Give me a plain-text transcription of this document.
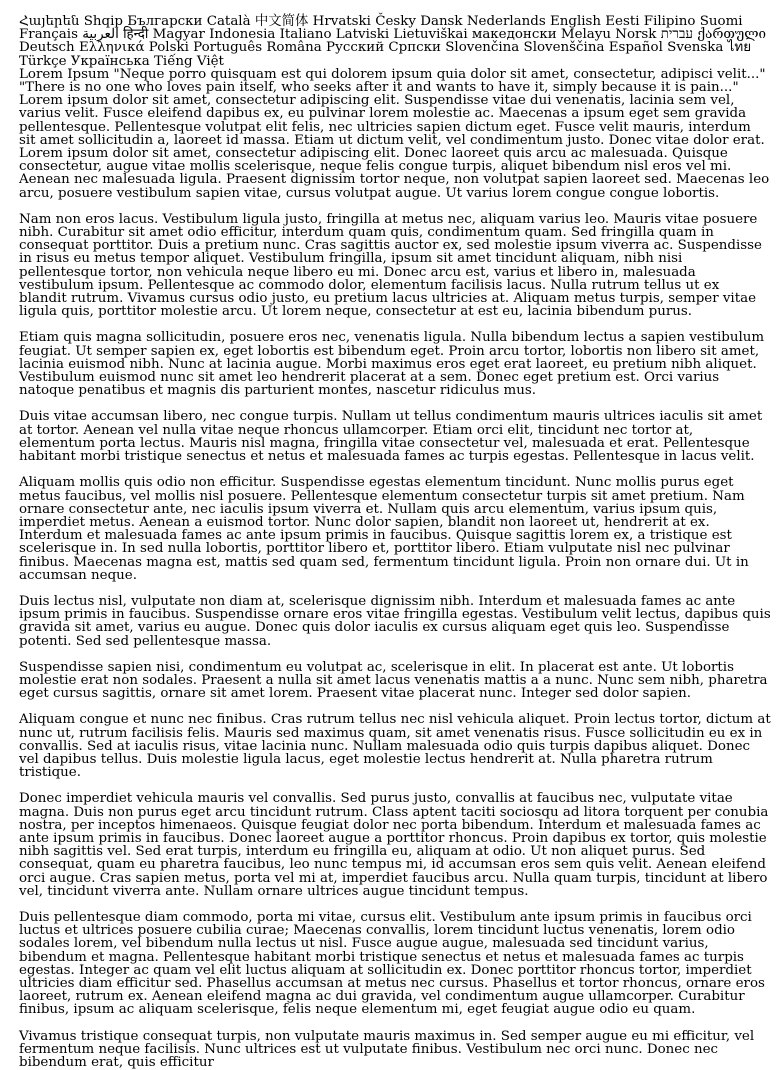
Հայերեն Shqip Български Català 中文简体 Hrvatski Česky Dansk Nederlands English Eesti Filipino Suomi Français العربية हिन्दी Magyar Indonesia Italiano Latviski Lietuviškai македонски Melayu Norsk עברית ქართული Deutsch Ελληνικά Polski Português Româna Русский Српски Slovenčina Slovenščina Español Svenska ไทย Türkçe Українська Tiếng Việt

Lorem Ipsum "Neque porro quisquam est qui dolorem ipsum quia dolor sit amet, consectetur, adipisci velit..." "There is no one who loves pain itself, who seeks after it and wants to have it, simply because it is pain..." Lorem ipsum dolor sit amet, consectetur adipiscing elit. Suspendisse vitae dui venenatis, lacinia sem vel, varius velit. Fusce eleifend dapibus ex, eu pulvinar lorem molestie ac. Maecenas a ipsum eget sem gravida pellentesque. Pellentesque volutpat elit felis, nec ultricies sapien dictum eget. Fusce velit mauris, interdum sit amet sollicitudin a, laoreet id massa. Etiam ut dictum velit, vel condimentum justo. Donec vitae dolor erat. Lorem ipsum dolor sit amet, consectetur adipiscing elit. Donec laoreet quis arcu ac malesuada. Quisque consectetur, augue vitae mollis scelerisque, neque felis congue turpis, aliquet bibendum nisl eros vel mi. Aenean nec malesuada ligula. Praesent dignissim tortor neque, non volutpat sapien laoreet sed. Maecenas leo arcu, posuere vestibulum sapien vitae, cursus volutpat augue. Ut varius lorem congue congue lobortis.

Nam non eros lacus. Vestibulum ligula justo, fringilla at metus nec, aliquam varius leo. Mauris vitae posuere nibh. Curabitur sit amet odio efficitur, interdum quam quis, condimentum quam. Sed fringilla quam in consequat porttitor. Duis a pretium nunc. Cras sagittis auctor ex, sed molestie ipsum viverra ac. Suspendisse in risus eu metus tempor aliquet. Vestibulum fringilla, ipsum sit amet tincidunt aliquam, nibh nisi pellentesque tortor, non vehicula neque libero eu mi. Donec arcu est, varius et libero in, malesuada vestibulum ipsum. Pellentesque ac commodo dolor, elementum facilisis lacus. Nulla rutrum tellus ut ex blandit rutrum. Vivamus cursus odio justo, eu pretium lacus ultricies at. Aliquam metus turpis, semper vitae ligula quis, porttitor molestie arcu. Ut lorem neque, consectetur at est eu, lacinia bibendum purus.

Etiam quis magna sollicitudin, posuere eros nec, venenatis ligula. Nulla bibendum lectus a sapien vestibulum feugiat. Ut semper sapien ex, eget lobortis est bibendum eget. Proin arcu tortor, lobortis non libero sit amet, lacinia euismod nibh. Nunc at lacinia augue. Morbi maximus eros eget erat laoreet, eu pretium nibh aliquet. Vestibulum euismod nunc sit amet leo hendrerit placerat at a sem. Donec eget pretium est. Orci varius natoque penatibus et magnis dis parturient montes, nascetur ridiculus mus.

Duis vitae accumsan libero, nec congue turpis. Nullam ut tellus condimentum mauris ultrices iaculis sit amet at tortor. Aenean vel nulla vitae neque rhoncus ullamcorper. Etiam orci elit, tincidunt nec tortor at, elementum porta lectus. Mauris nisl magna, fringilla vitae consectetur vel, malesuada et erat. Pellentesque habitant morbi tristique senectus et netus et malesuada fames ac turpis egestas. Pellentesque in lacus velit.

Aliquam mollis quis odio non efficitur. Suspendisse egestas elementum tincidunt. Nunc mollis purus eget metus faucibus, vel mollis nisl posuere. Pellentesque elementum consectetur turpis sit amet pretium. Nam ornare consectetur ante, nec iaculis ipsum viverra et. Nullam quis arcu elementum, varius ipsum quis, imperdiet metus. Aenean a euismod tortor. Nunc dolor sapien, blandit non laoreet ut, hendrerit at ex. Interdum et malesuada fames ac ante ipsum primis in faucibus. Quisque sagittis lorem ex, a tristique est scelerisque in. In sed nulla lobortis, porttitor libero et, porttitor libero. Etiam vulputate nisl nec pulvinar finibus. Maecenas magna est, mattis sed quam sed, fermentum tincidunt ligula. Proin non ornare dui. Ut in accumsan neque.

Duis lectus nisl, vulputate non diam at, scelerisque dignissim nibh. Interdum et malesuada fames ac ante ipsum primis in faucibus. Suspendisse ornare eros vitae fringilla egestas. Vestibulum velit lectus, dapibus quis gravida sit amet, varius eu augue. Donec quis dolor iaculis ex cursus aliquam eget quis leo. Suspendisse potenti. Sed sed pellentesque massa.

Suspendisse sapien nisi, condimentum eu volutpat ac, scelerisque in elit. In placerat est ante. Ut lobortis molestie erat non sodales. Praesent a nulla sit amet lacus venenatis mattis a a nunc. Nunc sem nibh, pharetra eget cursus sagittis, ornare sit amet lorem. Praesent vitae placerat nunc. Integer sed dolor sapien.

Aliquam congue et nunc nec finibus. Cras rutrum tellus nec nisl vehicula aliquet. Proin lectus tortor, dictum at nunc ut, rutrum facilisis felis. Mauris sed maximus quam, sit amet venenatis risus. Fusce sollicitudin eu ex in convallis. Sed at iaculis risus, vitae lacinia nunc. Nullam malesuada odio quis turpis dapibus aliquet. Donec vel dapibus tellus. Duis molestie ligula lacus, eget molestie lectus hendrerit at. Nulla pharetra rutrum tristique.

Donec imperdiet vehicula mauris vel convallis. Sed purus justo, convallis at faucibus nec, vulputate vitae magna. Duis non purus eget arcu tincidunt rutrum. Class aptent taciti sociosqu ad litora torquent per conubia nostra, per inceptos himenaeos. Quisque feugiat dolor nec porta bibendum. Interdum et malesuada fames ac ante ipsum primis in faucibus. Donec laoreet augue a porttitor rhoncus. Proin dapibus ex tortor, quis molestie nibh sagittis vel. Sed erat turpis, interdum eu fringilla eu, aliquam at odio. Ut non aliquet purus. Sed consequat, quam eu pharetra faucibus, leo nunc tempus mi, id accumsan eros sem quis velit. Aenean eleifend orci augue. Cras sapien metus, porta vel mi at, imperdiet faucibus arcu. Nulla quam turpis, tincidunt at libero vel, tincidunt viverra ante. Nullam ornare ultrices augue tincidunt tempus.

Duis pellentesque diam commodo, porta mi vitae, cursus elit. Vestibulum ante ipsum primis in faucibus orci luctus et ultrices posuere cubilia curae; Maecenas convallis, lorem tincidunt luctus venenatis, lorem odio sodales lorem, vel bibendum nulla lectus ut nisl. Fusce augue augue, malesuada sed tincidunt varius, bibendum et magna. Pellentesque habitant morbi tristique senectus et netus et malesuada fames ac turpis egestas. Integer ac quam vel elit luctus aliquam at sollicitudin ex. Donec porttitor rhoncus tortor, imperdiet ultricies diam efficitur sed. Phasellus accumsan at metus nec cursus. Phasellus et tortor rhoncus, ornare eros laoreet, rutrum ex. Aenean eleifend magna ac dui gravida, vel condimentum augue ullamcorper. Curabitur finibus, ipsum ac aliquam scelerisque, felis neque elementum mi, eget feugiat augue odio eu quam.

Vivamus tristique consequat turpis, non vulputate mauris maximus in. Sed semper augue eu mi efficitur, vel fermentum neque facilisis. Nunc ultrices est ut vulputate finibus. Vestibulum nec orci nunc. Donec nec bibendum erat, quis efficitur
